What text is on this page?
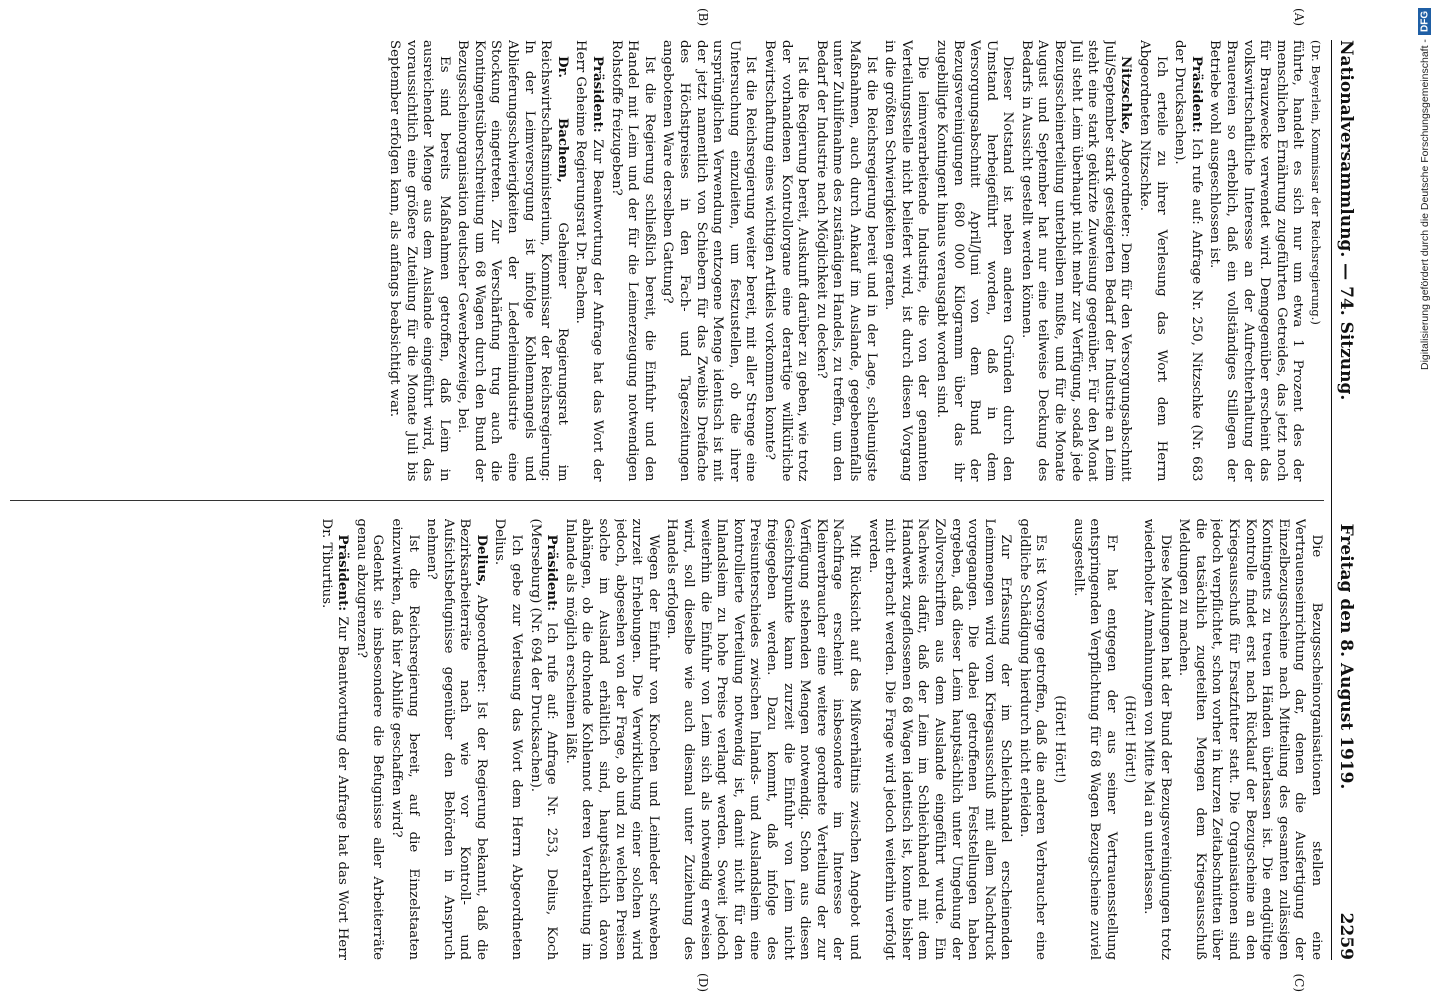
Nationalversammlung. — 74. Sitzung.
Freitag den 8. August 1919.
2259
(A)
(B)
(C)
(D)

(Dr. Beyerlein, Kommissar der Reichsregierung.)

führte, handelt es sich nur um etwa 1 Prozent des der menschlichen Ernährung zugeführten Getreides, das jetzt noch für Brauzwecke verwendet wird. Demgegenüber erscheint das volkswirtschaftliche Interesse an der Aufrechterhaltung der Brauereien so erheblich, daß ein vollständiges Stillegen der Betriebe wohl ausgeschlossen ist.

Präsident: Ich rufe auf: Anfrage Nr. 250, Nitzschke (Nr. 683 der Drucksachen).

Ich erteile zu ihrer Verlesung das Wort dem Herrn Abgeordneten Nitzschke.

Nitzschke, Abgeordneter: Dem für den Versorgungsabschnitt Juli/September stark gesteigerten Bedarf der Industrie an Leim steht eine stark gekürzte Zuweisung gegenüber. Für den Monat Juli steht Leim überhaupt nicht mehr zur Verfügung, sodaß jede Bezugsscheinerteilung unterbleiben mußte, und für die Monate August und September hat nur eine teilweise Deckung des Bedarfs in Aussicht gestellt werden können.

Dieser Notstand ist neben anderen Gründen durch den Umstand herbeigeführt worden, daß in dem Versorgungsabschnitt April/Juni von dem Bund der Bezugsvereinigungen 680 000 Kilogramm über das ihr zugebilligte Kontingent hinaus verausgabt worden sind.

Die leimverarbeitende Industrie, die von der genannten Verteilungsstelle nicht beliefert wird, ist durch diesen Vorgang in die größten Schwierigkeiten geraten.

Ist die Reichsregierung bereit und in der Lage, schleunigste Maßnahmen, auch durch Ankauf im Auslande, gegebenenfalls unter Zuhilfenahme des zuständigen Handels, zu treffen, um den Bedarf der Industrie nach Möglichkeit zu decken?

Ist die Regierung bereit, Auskunft darüber zu geben, wie trotz der vorhandenen Kontrollorgane eine derartige willkürliche Bewirtschaftung eines wichtigen Artikels vorkommen konnte?

Ist die Reichsregierung weiter bereit, mit aller Strenge eine Untersuchung einzuleiten, um festzustellen, ob die ihrer ursprünglichen Verwendung entzogene Menge identisch ist mit der jetzt namentlich von Schiebern für das Zweibis Dreifache des Höchstpreises in den Fach- und Tageszeitungen angebotenen Ware derselben Gattung?

Ist die Regierung schließlich bereit, die Einfuhr und den Handel mit Leim und der für die Leimerzeugung notwendigen Rohstoffe freizugeben?

Präsident: Zur Beantwortung der Anfrage hat das Wort der Herr Geheime Regierungsrat Dr. Bachem.

Dr. Bachem, Geheimer Regierungsrat im Reichswirtschaftsministerium, Kommissar der Reichsregierung: In der Leimversorgung ist infolge Kohlenmangels und Ablieferungsschwierigkeiten der Lederleimindustrie eine Stockung eingetreten. Zur Verschärfung trug auch die Kontingentsüberschreitung um 68 Wagen durch den Bund der Bezugsscheinorganisation deutscher Gewerbezweige, bei.

Es sind bereits Maßnahmen getroffen, daß Leim in ausreichender Menge aus dem Auslande eingeführt wird, das voraussichtlich eine größere Zuteilung für die Monate Juli bis September erfolgen kann, als anfangs beabsichtigt war.

Die Bezugsscheinorganisationen stellen eine Vertrauenseinrichtung dar, denen die Ausfertigung der Einzelbezugsscheine nach Mitteilung des gesamten zulässigen Kontingents zu treuen Händen überlassen ist. Die endgültige Kontrolle findet erst nach Rücklauf der Bezugscheine an den Kriegsausschuß für Ersatzfutter statt. Die Organisationen sind jedoch verpflichtet, schon vorher in kurzen Zeitabschnitten über die tatsächlich zugeteilten Mengen dem Kriegsausschuß Meldungen zu machen.

Diese Meldungen hat der Bund der Bezugsvereinigungen trotz wiederholter Anmahnungen von Mitte Mai an unterlassen.

(Hört! Hört!)

Er hat entgegen der aus seiner Vertrauensstellung entspringenden Verpflichtung für 68 Wagen Bezugscheine zuviel ausgestellt.

(Hört! Hört!)

Es ist Vorsorge getroffen, daß die anderen Verbraucher eine geldliche Schädigung hierdurch nicht erleiden.

Zur Erfassung der im Schleichhandel erscheinenden Leimmengen wird vom Kriegsausschuß mit allem Nachdruck vorgegangen. Die dabei getroffenen Feststellungen haben ergeben, daß dieser Leim hauptsächlich unter Umgehung der Zollvorschriften aus dem Auslande eingeführt wurde. Ein Nachweis dafür, daß der Leim im Schleichhandel mit dem Handwerk zugeflossenen 68 Wagen identisch ist, konnte bisher nicht erbracht werden. Die Frage wird jedoch weiterhin verfolgt werden.

Mit Rücksicht auf das Mißverhältnis zwischen Angebot und Nachfrage erscheint insbesondere im Interesse der Kleinverbraucher eine weitere geordnete Verteilung der zur Verfügung stehenden Mengen notwendig. Schon aus diesen Gesichtspunkte kann zurzeit die Einfuhr von Leim nicht freigegeben werden. Dazu kommt, daß infolge des Preisunterschiedes zwischen Inlands- und Auslandsleim eine kontrollierte Verteilung notwendig ist, damit nicht für den Inlandsleim zu hohe Preise verlangt werden. Soweit jedoch weiterhin die Einfuhr von Leim sich als notwendig erweisen wird, soll dieselbe wie auch diesmal unter Zuziehung des Handels erfolgen.

Wegen der Einfuhr von Knochen und Leimleder schweben zurzeit Erhebungen. Die Verwirklichung einer solchen wird jedoch, abgesehen von der Frage, ob und zu welchen Preisen solche im Ausland erhältlich sind, hauptsächlich davon abhängen, ob die drohende Kohlennot deren Verarbeitung im Inlande als möglich erscheinen läßt.

Präsident: Ich rufe auf: Anfrage Nr. 253, Delius, Koch (Merseburg) (Nr. 694 der Drucksachen).

Ich gebe zur Verlesung das Wort dem Herrn Abgeordneten Delius.

Delius, Abgeordneter: Ist der Regierung bekannt, daß die Bezirksarbeiterräte nach wie vor Kontroll- und Aufsichtsbefugnisse gegenüber den Behörden in Anspruch nehmen?

Ist die Reichsregierung bereit, auf die Einzelstaaten einzuwirken, daß hier Abhilfe geschaffen wird?

Gedenkt sie insbesondere die Befugnisse aller Arbeiterräte genau abzugrenzen?

Präsident: Zur Beantwortung der Anfrage hat das Wort Herr Dr. Tiburtius.

Digitalisierung gefördert durch die Deutsche Forschungsgemeinschaft -
DFG
